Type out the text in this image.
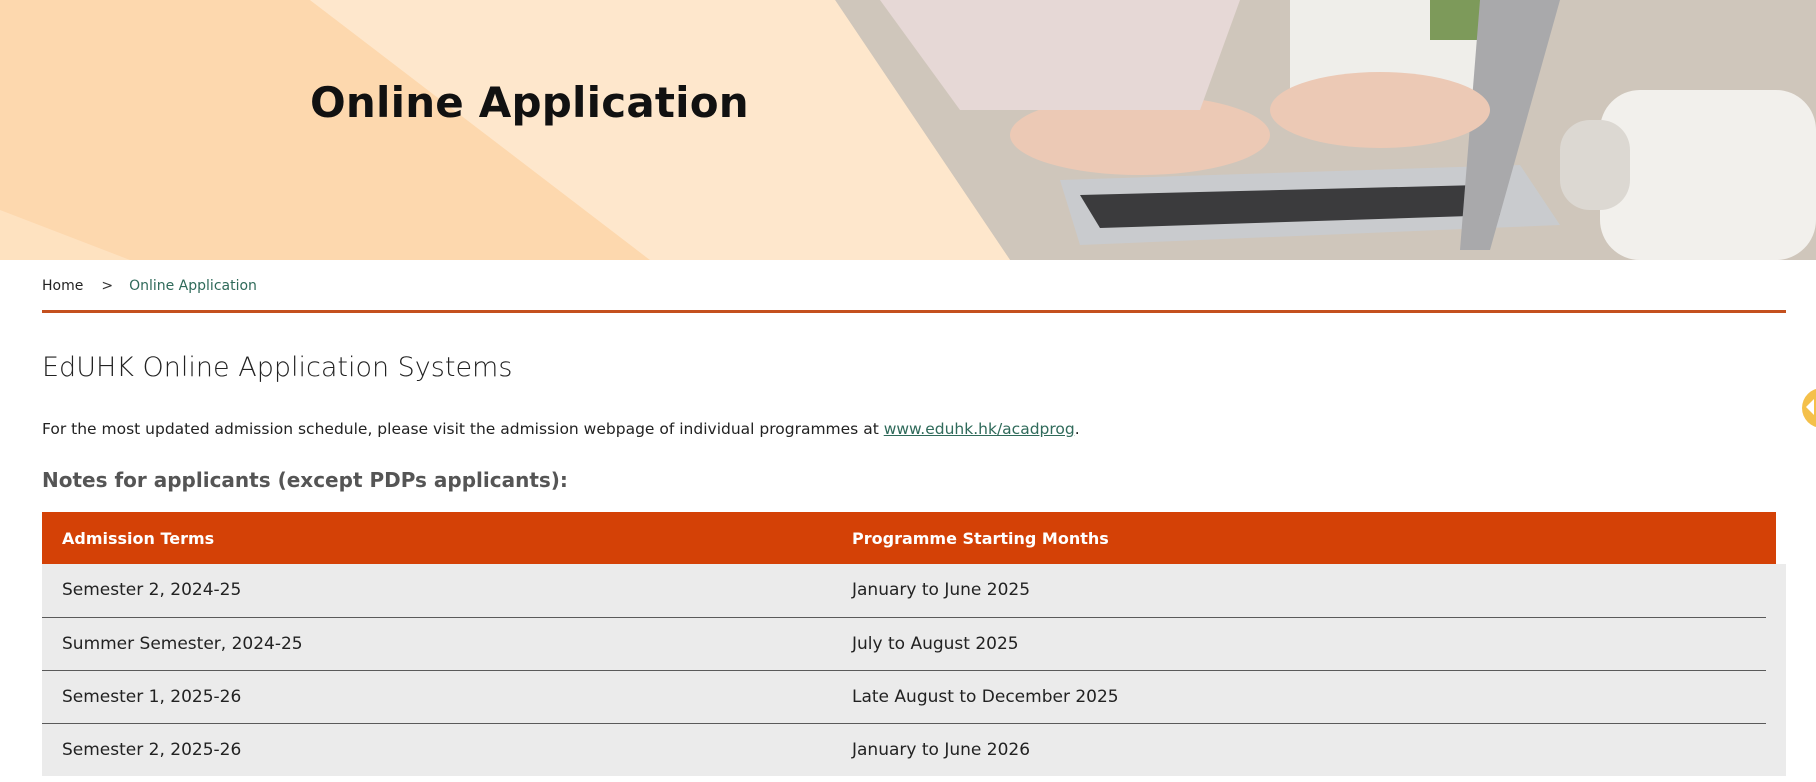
Online Application
Home > Online Application
EdUHK Online Application Systems

For the most updated admission schedule, please visit the admission webpage of individual programmes at www.eduhk.hk/acadprog.

Notes for applicants (except PDPs applicants):
Admission Terms	Programme Starting Months
Semester 2, 2024-25	January to June 2025
Summer Semester, 2024-25	July to August 2025
Semester 1, 2025-26	Late August to December 2025
Semester 2, 2025-26	January to June 2026
